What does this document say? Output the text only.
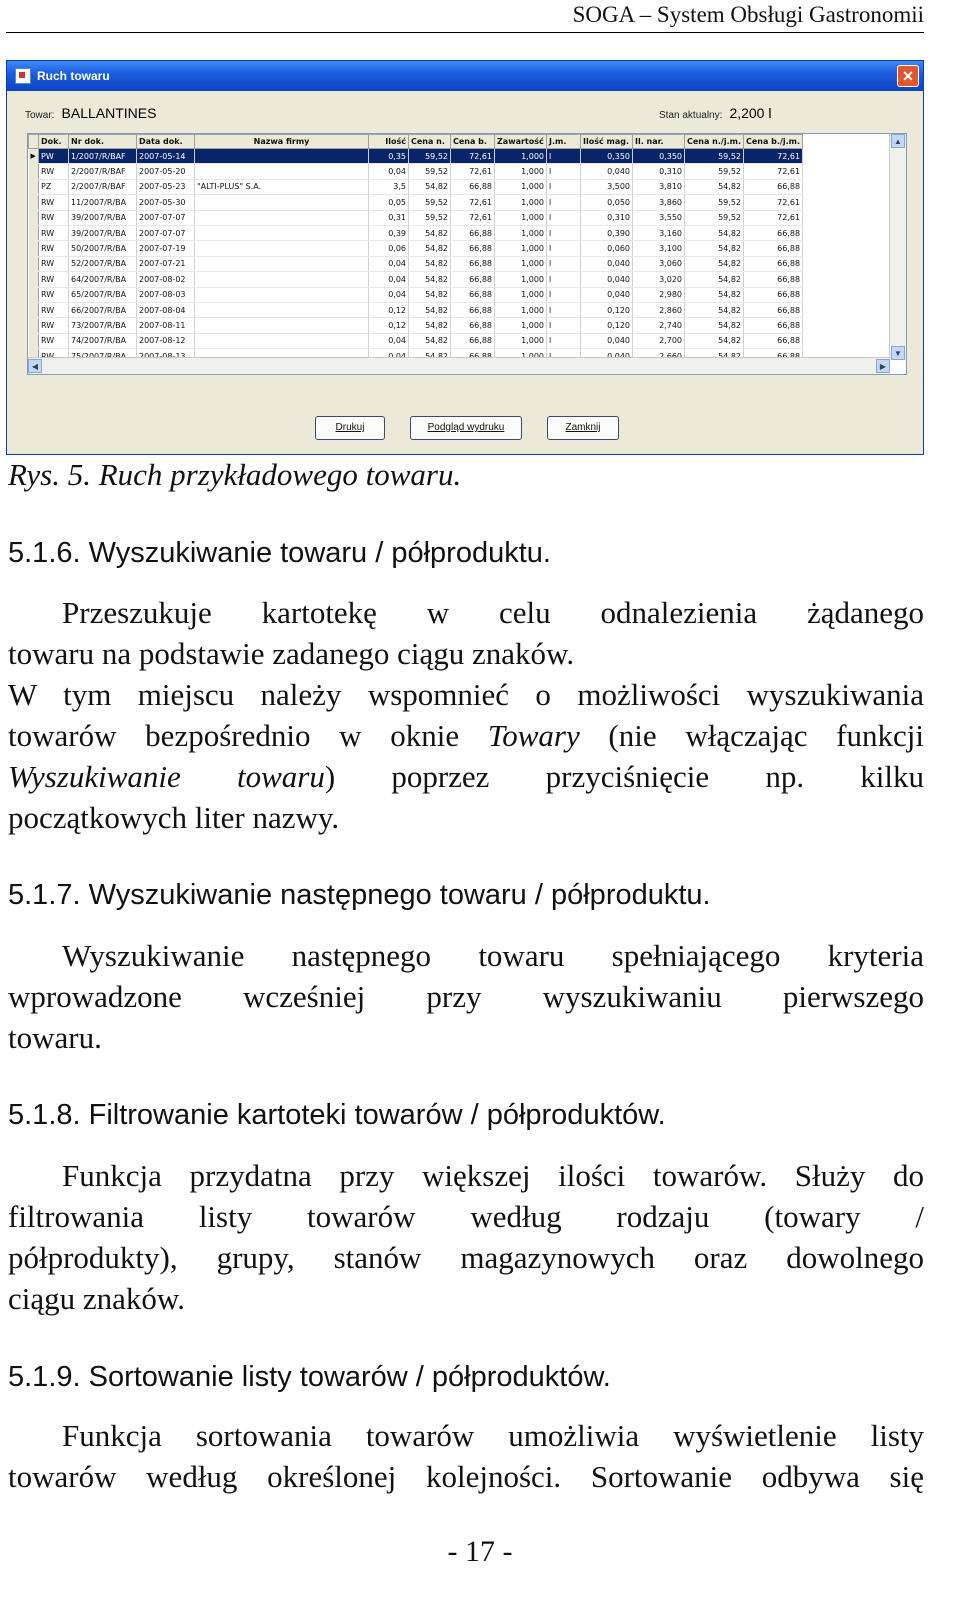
SOGA – System Obsługi Gastronomii
Ruch towaru	✕
Towar: BALLANTINES	Stan aktualny: 2,200 l
	Dok.	Nr dok.	Data dok.	Nazwa firmy	Ilość	Cena n.	Cena b.	Zawartość	J.m.	Ilość mag.	Il. nar.	Cena n./j.m.	Cena b./j.m.
▶	PW	1/2007/R/BAF	2007-05-14		0,35	59,52	72,61	1,000	l	0,350	0,350	59,52	72,61
	RW	2/2007/R/BAF	2007-05-20		0,04	59,52	72,61	1,000	l	0,040	0,310	59,52	72,61
	PZ	2/2007/R/BAF	2007-05-23	"ALTI-PLUS" S.A.	3,5	54,82	66,88	1,000	l	3,500	3,810	54,82	66,88
	RW	11/2007/R/BA	2007-05-30		0,05	59,52	72,61	1,000	l	0,050	3,860	59,52	72,61
	RW	39/2007/R/BA	2007-07-07		0,31	59,52	72,61	1,000	l	0,310	3,550	59,52	72,61
	RW	39/2007/R/BA	2007-07-07		0,39	54,82	66,88	1,000	l	0,390	3,160	54,82	66,88
	RW	50/2007/R/BA	2007-07-19		0,06	54,82	66,88	1,000	l	0,060	3,100	54,82	66,88
	RW	52/2007/R/BA	2007-07-21		0,04	54,82	66,88	1,000	l	0,040	3,060	54,82	66,88
	RW	64/2007/R/BA	2007-08-02		0,04	54,82	66,88	1,000	l	0,040	3,020	54,82	66,88
	RW	65/2007/R/BA	2007-08-03		0,04	54,82	66,88	1,000	l	0,040	2,980	54,82	66,88
	RW	66/2007/R/BA	2007-08-04		0,12	54,82	66,88	1,000	l	0,120	2,860	54,82	66,88
	RW	73/2007/R/BA	2007-08-11		0,12	54,82	66,88	1,000	l	0,120	2,740	54,82	66,88
	RW	74/2007/R/BA	2007-08-12		0,04	54,82	66,88	1,000	l	0,040	2,700	54,82	66,88

▲
▼
◀	▶
Drukuj	Podgląd wydruku	Zamknij
Rys. 5. Ruch przykładowego towaru.
5.1.6. Wyszukiwanie towaru / półproduktu.
Przeszukuje kartotekę w celu odnalezienia żądanego
towaru na podstawie zadanego ciągu znaków.
W tym miejscu należy wspomnieć o możliwości wyszukiwania
towarów bezpośrednio w oknie Towary (nie włączając funkcji
Wyszukiwanie towaru) poprzez przyciśnięcie np. kilku
początkowych liter nazwy.
5.1.7. Wyszukiwanie następnego towaru / półproduktu.
Wyszukiwanie następnego towaru spełniającego kryteria
wprowadzone wcześniej przy wyszukiwaniu pierwszego
towaru.
5.1.8. Filtrowanie kartoteki towarów / półproduktów.
Funkcja przydatna przy większej ilości towarów. Służy do
filtrowania listy towarów według rodzaju (towary /
półprodukty), grupy, stanów magazynowych oraz dowolnego
ciągu znaków.
5.1.9. Sortowanie listy towarów / półproduktów.
Funkcja sortowania towarów umożliwia wyświetlenie listy
towarów według określonej kolejności. Sortowanie odbywa się
- 17 -
